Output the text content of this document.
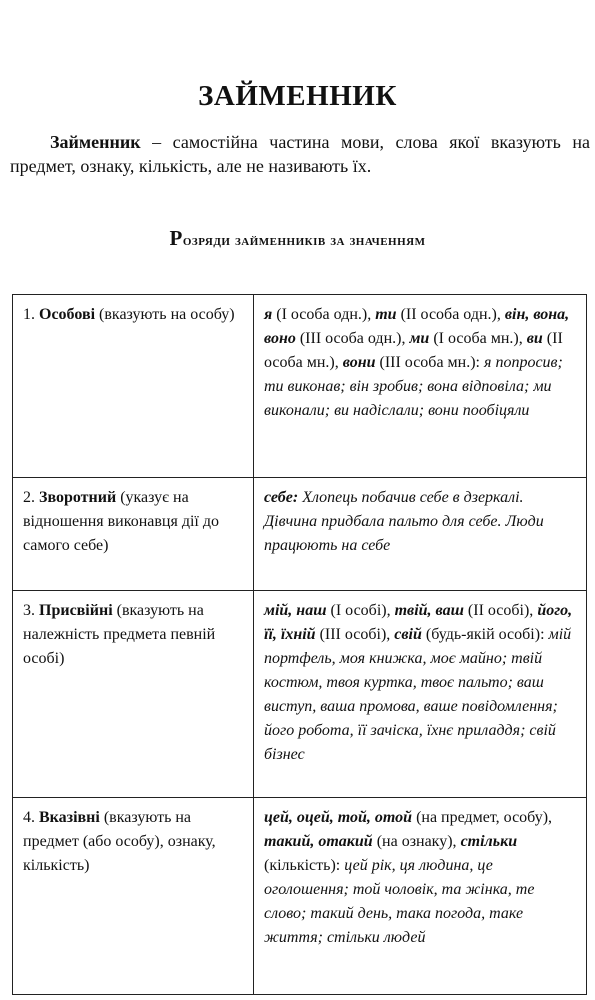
ЗАЙМЕННИК

Займенник – самостійна частина мови, слова якої вказують на предмет, ознаку, кількість, але не називають їх.

Розряди займенників за значенням
1. Особові (вказують на особу)	я (І особа одн.), ти (ІІ особа одн.), він, вона, воно (ІІІ особа одн.), ми (І особа мн.), ви (ІІ особа мн.), вони (ІІІ особа мн.): я попросив; ти виконав; він зробив; вона відповіла; ми виконали; ви надіслали; вони пообіцяли
2. Зворотний (указує на відношення виконавця дії до самого себе)	себе: Хлопець побачив себе в дзеркалі. Дівчина придбала пальто для себе. Люди працюють на себе
3. Присвійні (вказують на належність предмета певній особі)	мій, наш (І особі), твій, ваш (ІІ особі), його, її, їхній (ІІІ особі), свій (будь-якій особі): мій портфель, моя книжка, моє майно; твій костюм, твоя куртка, твоє пальто; ваш виступ, ваша промова, ваше повідомлення; його робота, її зачіска, їхнє приладдя; свій бізнес
4. Вказівні (вказують на предмет (або особу), ознаку, кількість)	цей, оцей, той, отой (на предмет, особу), такий, отакий (на ознаку), стільки (кількість): цей рік, ця людина, це оголошення; той чоловік, та жінка, те слово; такий день, така погода, таке життя; стільки людей
